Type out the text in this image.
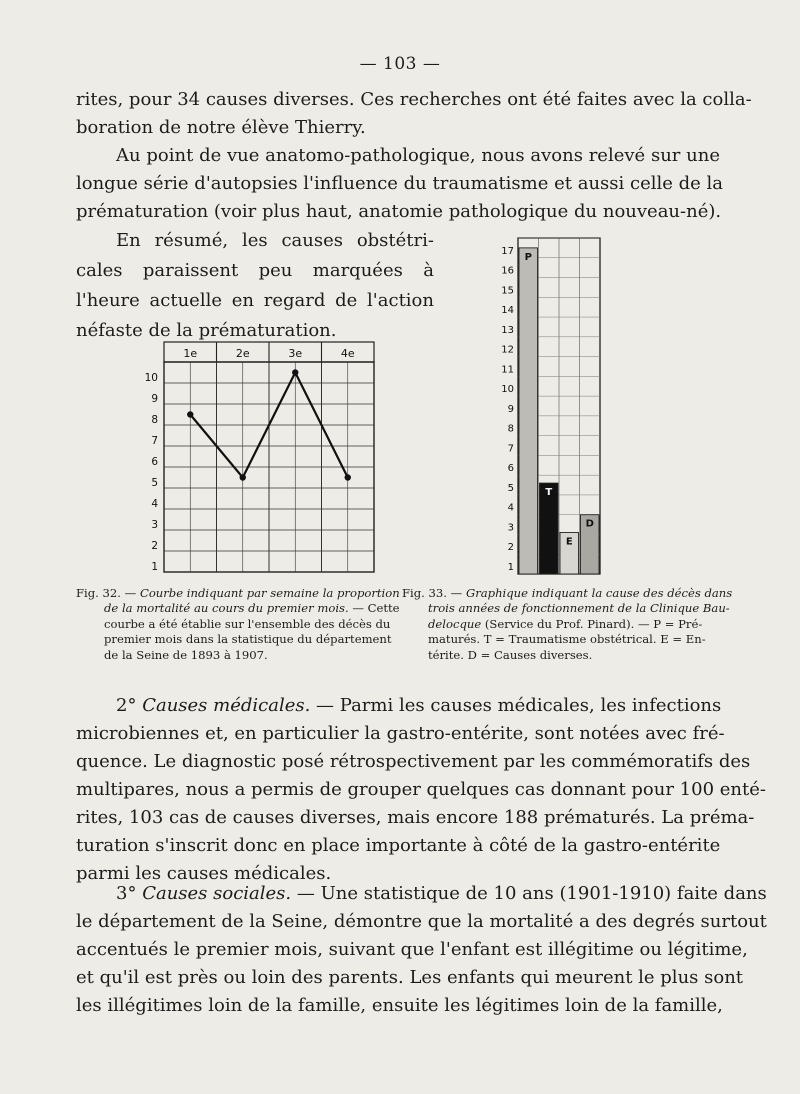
— 103 —
rites, pour 34 causes diverses. Ces recherches ont été faites avec la colla-
boration de notre élève Thierry.
Au point de vue anatomo-pathologique, nous avons relevé sur une
longue série d'autopsies l'influence du traumatisme et aussi celle de la
prématuration (voir plus haut, anatomie pathologique du nouveau-né).
En résumé, les causes obstétri-
cales paraissent peu marquées à
l'heure actuelle en regard de l'action
néfaste de la prématuration.
1e	2e	3e	4e
1
2
3
4
5
6
7
8
9
10
1
2
3
4
5
6
7
8
9
10
11
12
13
14
15
16
17
P
T
E
D
Fig. 32. — Courbe indiquant par semaine la proportion
de la mortalité au cours du premier mois. — Cette
courbe a été établie sur l'ensemble des décès du
premier mois dans la statistique du département
de la Seine de 1893 à 1907.
Fig. 33. — Graphique indiquant la cause des décès dans
trois années de fonctionnement de la Clinique Bau-
delocque (Service du Prof. Pinard). — P = Pré-
maturés. T = Traumatisme obstétrical. E = En-
térite. D = Causes diverses.
2° Causes médicales. — Parmi les causes médicales, les infections
microbiennes et, en particulier la gastro-entérite, sont notées avec fré-
quence. Le diagnostic posé rétrospectivement par les commémoratifs des
multipares, nous a permis de grouper quelques cas donnant pour 100 enté-
rites, 103 cas de causes diverses, mais encore 188 prématurés. La préma-
turation s'inscrit donc en place importante à côté de la gastro-entérite
parmi les causes médicales.
3° Causes sociales. — Une statistique de 10 ans (1901-1910) faite dans
le département de la Seine, démontre que la mortalité a des degrés surtout
accentués le premier mois, suivant que l'enfant est illégitime ou légitime,
et qu'il est près ou loin des parents. Les enfants qui meurent le plus sont
les illégitimes loin de la famille, ensuite les légitimes loin de la famille,
